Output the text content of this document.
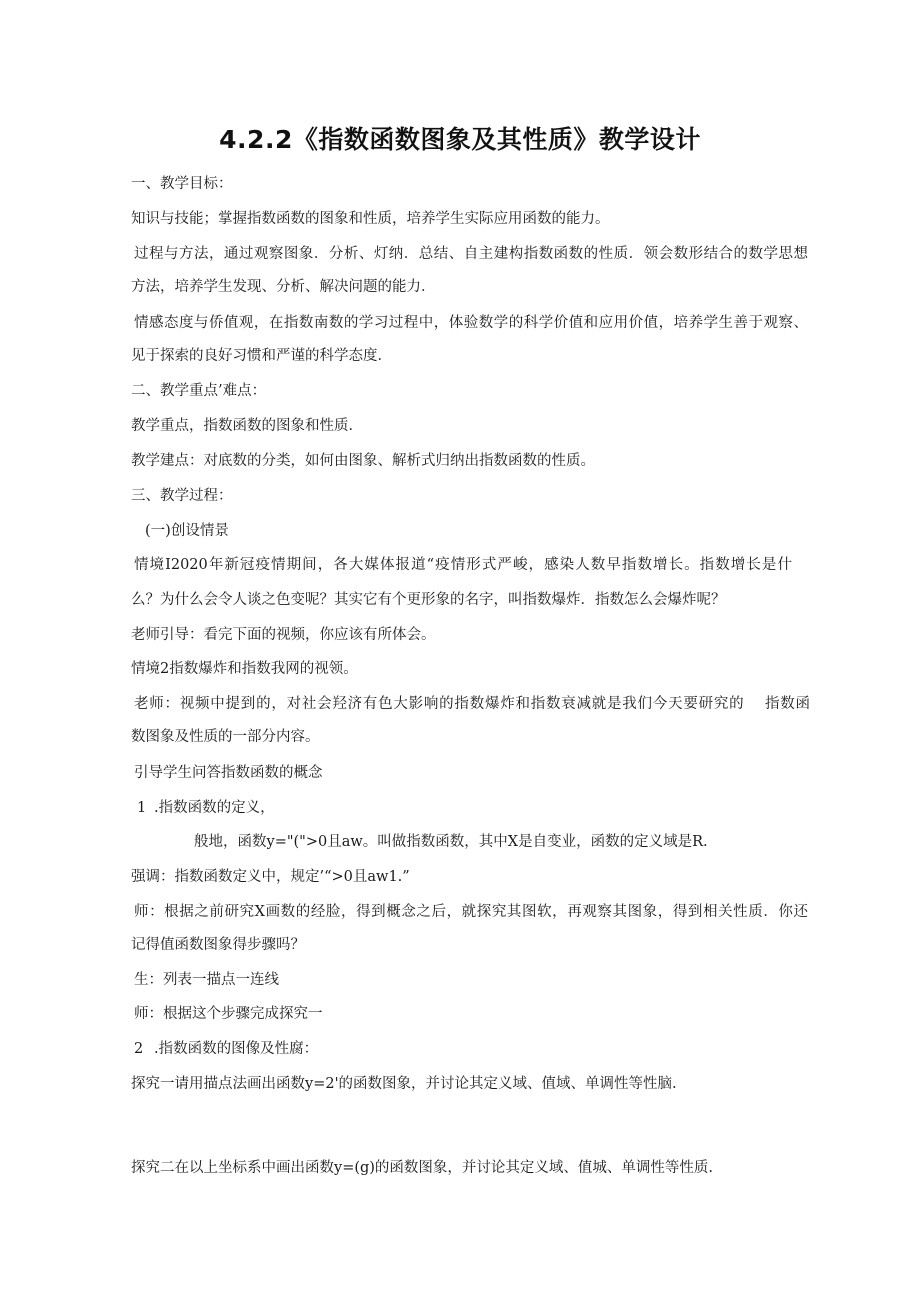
4.2.2《指数函数图象及其性质》教学设计
一、教学目标：
知识与技能；掌握指数函数的图象和性质，培养学生实际应用函数的能力。
过程与方法，通过观察图象．分析、灯纳．总结、自主建构指数函数的性质．领会数形结合的数学思想
方法，培养学生发现、分析、解决问题的能力．
情感态度与侨值观，在指数南数的学习过程中，体验数学的科学价值和应用价值，培养学生善于观察、
见于探索的良好习惯和严谨的科学态度．
二、教学重点’难点：
教学重点，指数函数的图象和性质．
教学建点：对底数的分类，如何由图象、解析式归纳出指数函数的性质。
三、教学过程：
(一)创设情景
情境I2020年新冠疫情期间，各大媒体报道“疫情形式严峻，感染人数早指数增长。指数增长是什
么？为什么会令人谈之色变呢？其实它有个更形象的名字，叫指数爆炸．指数怎么会爆炸呢？
老师引导：看完下面的视频，你应该有所体会。
情境2指数爆炸和指数我网的视领。
老师：视频中提到的，对社会羟济有色大影响的指数爆炸和指数衰减就是我们今天要研究的　 指数函
数图象及性质的一部分内容。
引导学生问答指数函数的概念
1 .指数函数的定义，
般地，函数y="(">0且aw。叫做指数函数，其中X是自变业，函数的定义域是R.
强调：指数函数定义中，规定’“>0且aw1.”
师：根据之前研究X画数的经脸，得到概念之后，就探究其图软，再观察其图象，得到相关性质．你还
记得值函数图象得步骤吗？
生：列表一描点一连线
师：根据这个步骤完成探究一
2 .指数函数的图像及性腐：
探究一请用描点法画出函数y=2'的函数图象，并讨论其定义域、值域、单调性等性脑.
探究二在以上坐标系中画出函数y=(g)的函数图象，并讨论其定义域、值城、单调性等性质.
